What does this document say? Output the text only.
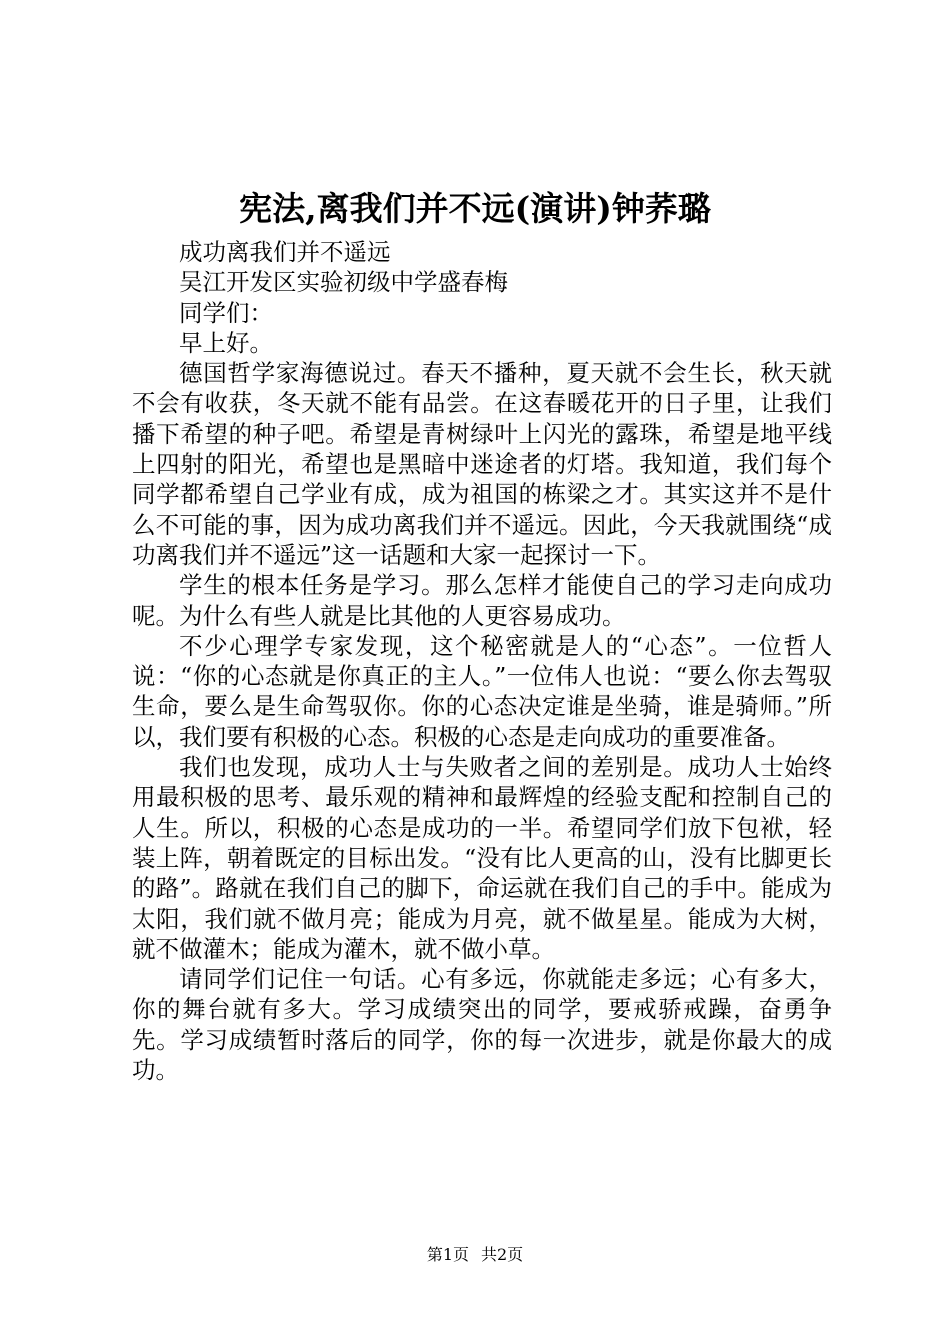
宪法,离我们并不远(演讲)钟荞璐

成功离我们并不遥远

吴江开发区实验初级中学盛春梅

同学们：

早上好。

德国哲学家海德说过。春天不播种，夏天就不会生长，秋天就不会有收获，冬天就不能有品尝。在这春暖花开的日子里，让我们播下希望的种子吧。希望是青树绿叶上闪光的露珠，希望是地平线上四射的阳光，希望也是黑暗中迷途者的灯塔。我知道，我们每个同学都希望自己学业有成，成为祖国的栋梁之才。其实这并不是什么不可能的事，因为成功离我们并不遥远。因此，今天我就围绕“成功离我们并不遥远”这一话题和大家一起探讨一下。

学生的根本任务是学习。那么怎样才能使自己的学习走向成功呢。为什么有些人就是比其他的人更容易成功。

不少心理学专家发现，这个秘密就是人的“心态”。一位哲人说：“你的心态就是你真正的主人。”一位伟人也说：“要么你去驾驭生命，要么是生命驾驭你。你的心态决定谁是坐骑，谁是骑师。”所以，我们要有积极的心态。积极的心态是走向成功的重要准备。

我们也发现，成功人士与失败者之间的差别是。成功人士始终用最积极的思考、最乐观的精神和最辉煌的经验支配和控制自己的人生。所以，积极的心态是成功的一半。希望同学们放下包袱，轻装上阵，朝着既定的目标出发。“没有比人更高的山，没有比脚更长的路”。路就在我们自己的脚下，命运就在我们自己的手中。能成为太阳，我们就不做月亮；能成为月亮，就不做星星。能成为大树，就不做灌木；能成为灌木，就不做小草。

请同学们记住一句话。心有多远，你就能走多远；心有多大，你的舞台就有多大。学习成绩突出的同学，要戒骄戒躁，奋勇争先。学习成绩暂时落后的同学，你的每一次进步，就是你最大的成功。

第1页 共2页
